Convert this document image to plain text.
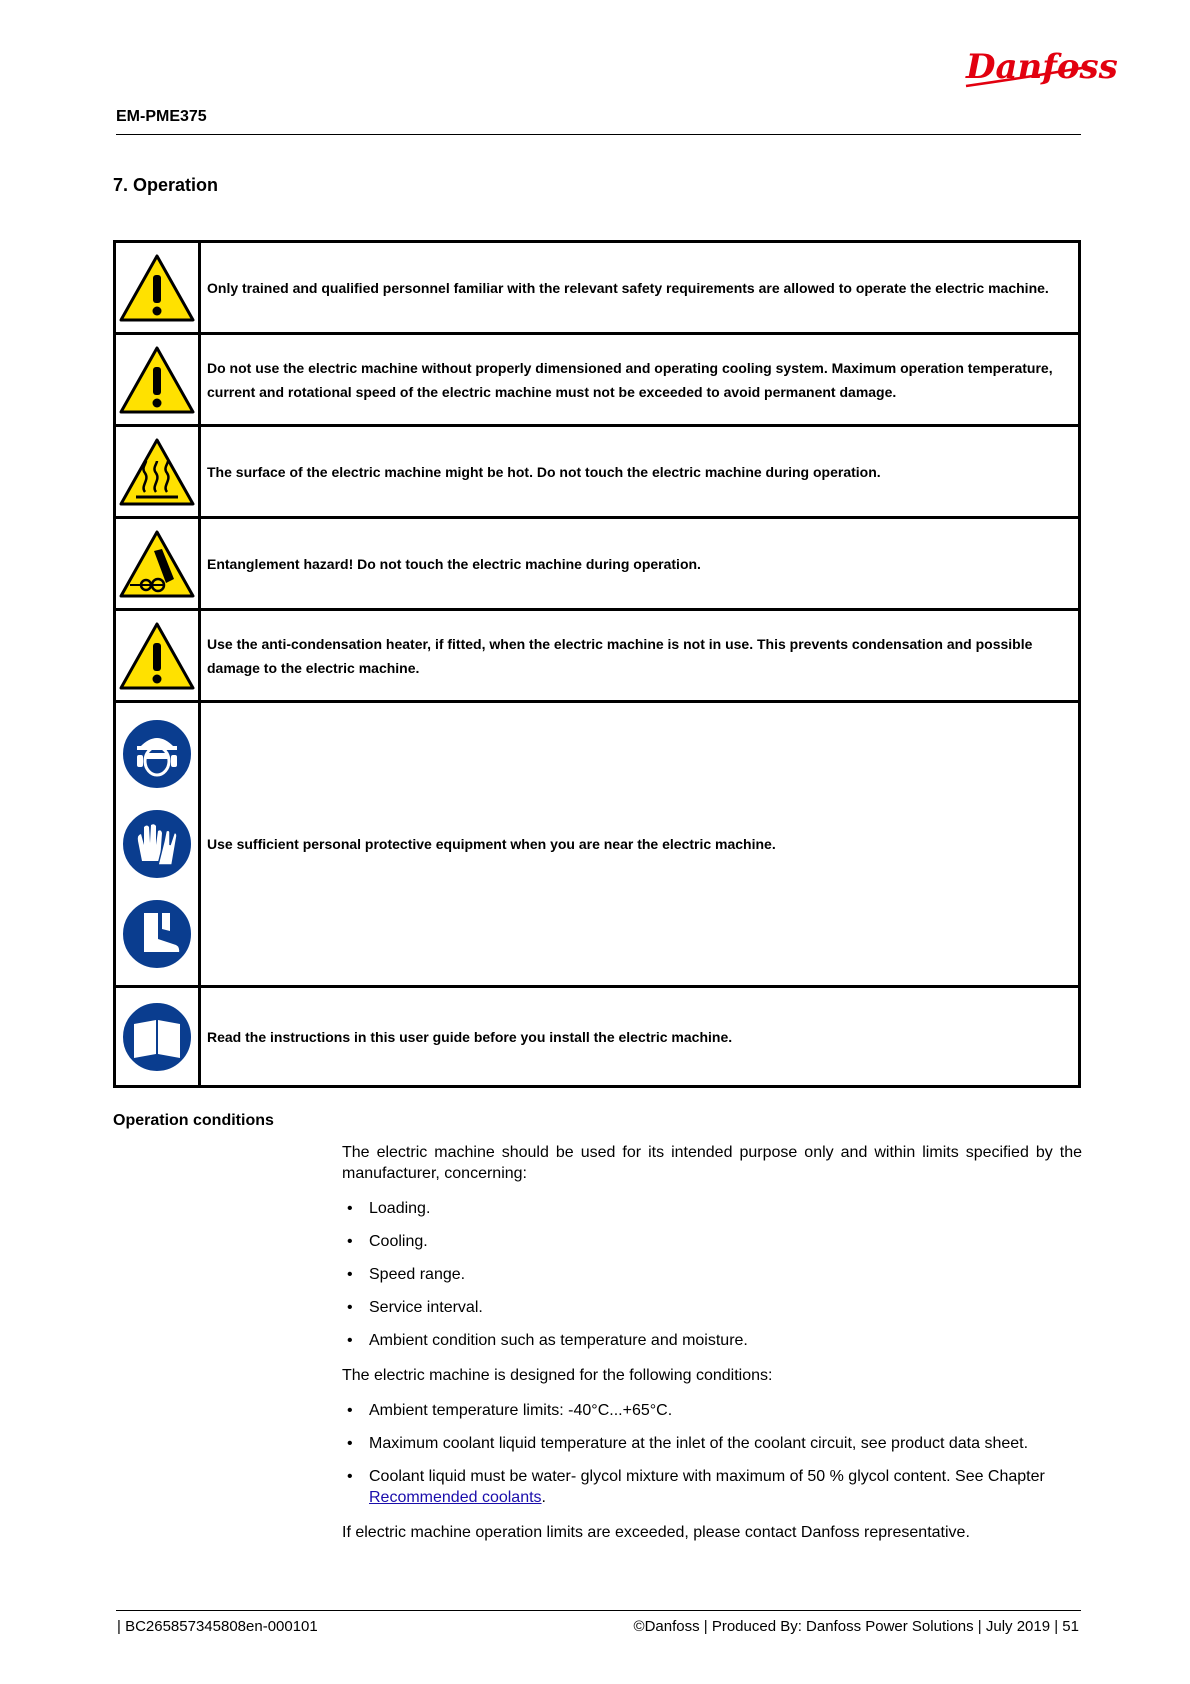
Danfoss
EM-PME375
7. Operation
	Only trained and qualified personnel familiar with the relevant safety requirements are allowed to operate the electric machine.

	Do not use the electric machine without properly dimensioned and operating cooling system. Maximum operation temperature, current and rotational speed of the electric machine must not be exceeded to avoid permanent damage.

	The surface of the electric machine might be hot. Do not touch the electric machine during operation.

	Entanglement hazard! Do not touch the electric machine during operation.

	Use the anti-condensation heater, if fitted, when the electric machine is not in use. This prevents condensation and possible damage to the electric machine.

	Use sufficient personal protective equipment when you are near the electric machine.

	Read the instructions in this user guide before you install the electric machine.
Operation conditions

The electric machine should be used for its intended purpose only and within limits specified by the manufacturer, concerning:

• Loading.
• Cooling.
• Speed range.
• Service interval.
• Ambient condition such as temperature and moisture.

The electric machine is designed for the following conditions:

• Ambient temperature limits: -40°C...+65°C.
• Maximum coolant liquid temperature at the inlet of the coolant circuit, see product data sheet.
• Coolant liquid must be water- glycol mixture with maximum of 50 % glycol content. See Chapter Recommended coolants.

If electric machine operation limits are exceeded, please contact Danfoss representative.

| BC265857345808en-000101	©Danfoss | Produced By: Danfoss Power Solutions | July 2019 | 51
